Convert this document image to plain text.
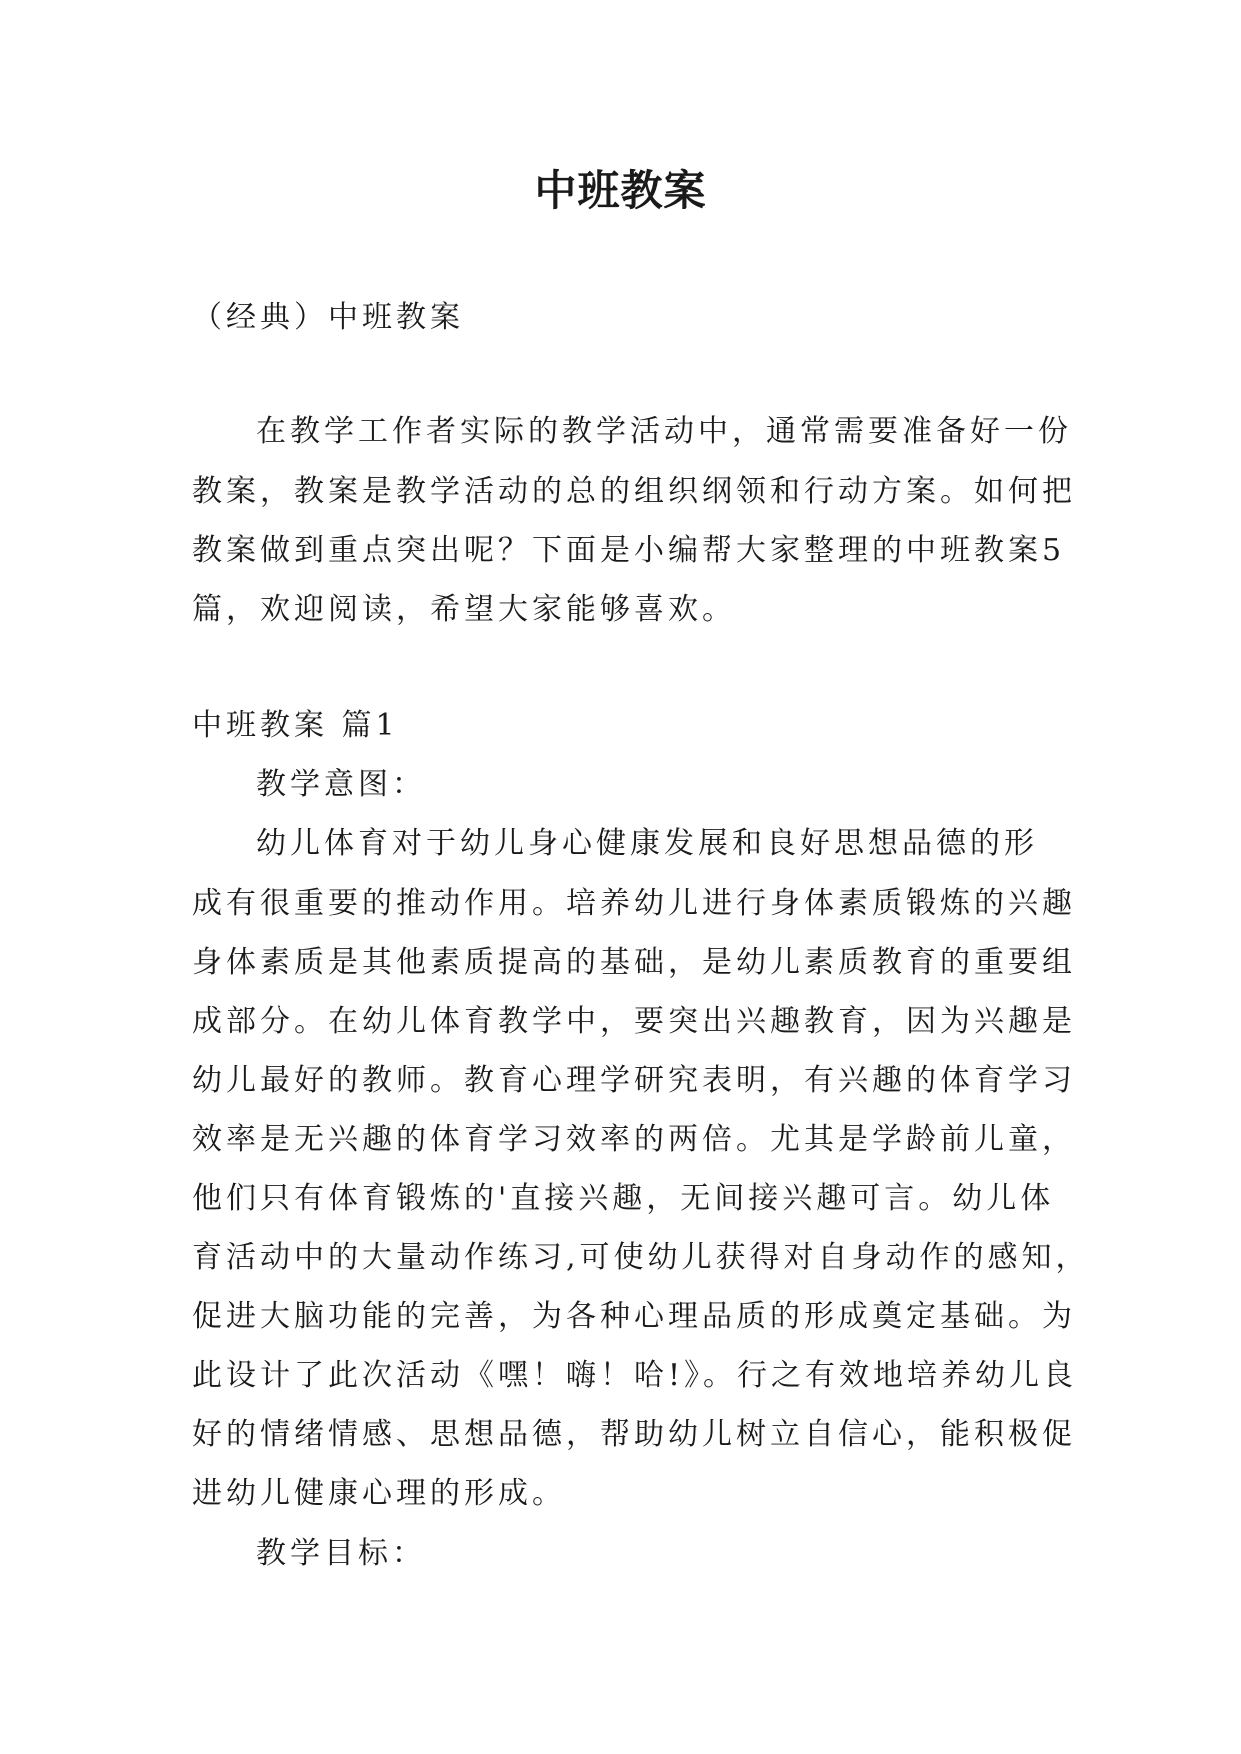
中班教案
（经典）中班教案
在教学工作者实际的教学活动中，通常需要准备好一份
教案，教案是教学活动的总的组织纲领和行动方案。如何把
教案做到重点突出呢？下面是小编帮大家整理的中班教案5
篇，欢迎阅读，希望大家能够喜欢。
中班教案 篇1
教学意图：
幼儿体育对于幼儿身心健康发展和良好思想品德的形
成有很重要的推动作用。培养幼儿进行身体素质锻炼的兴趣
身体素质是其他素质提高的基础，是幼儿素质教育的重要组
成部分。在幼儿体育教学中，要突出兴趣教育，因为兴趣是
幼儿最好的教师。教育心理学研究表明，有兴趣的体育学习
效率是无兴趣的体育学习效率的两倍。尤其是学龄前儿童，
他们只有体育锻炼的'直接兴趣，无间接兴趣可言。幼儿体
育活动中的大量动作练习,可使幼儿获得对自身动作的感知，
促进大脑功能的完善，为各种心理品质的形成奠定基础。为
此设计了此次活动《嘿！嗨！哈!》。行之有效地培养幼儿良
好的情绪情感、思想品德，帮助幼儿树立自信心，能积极促
进幼儿健康心理的形成。
教学目标：
